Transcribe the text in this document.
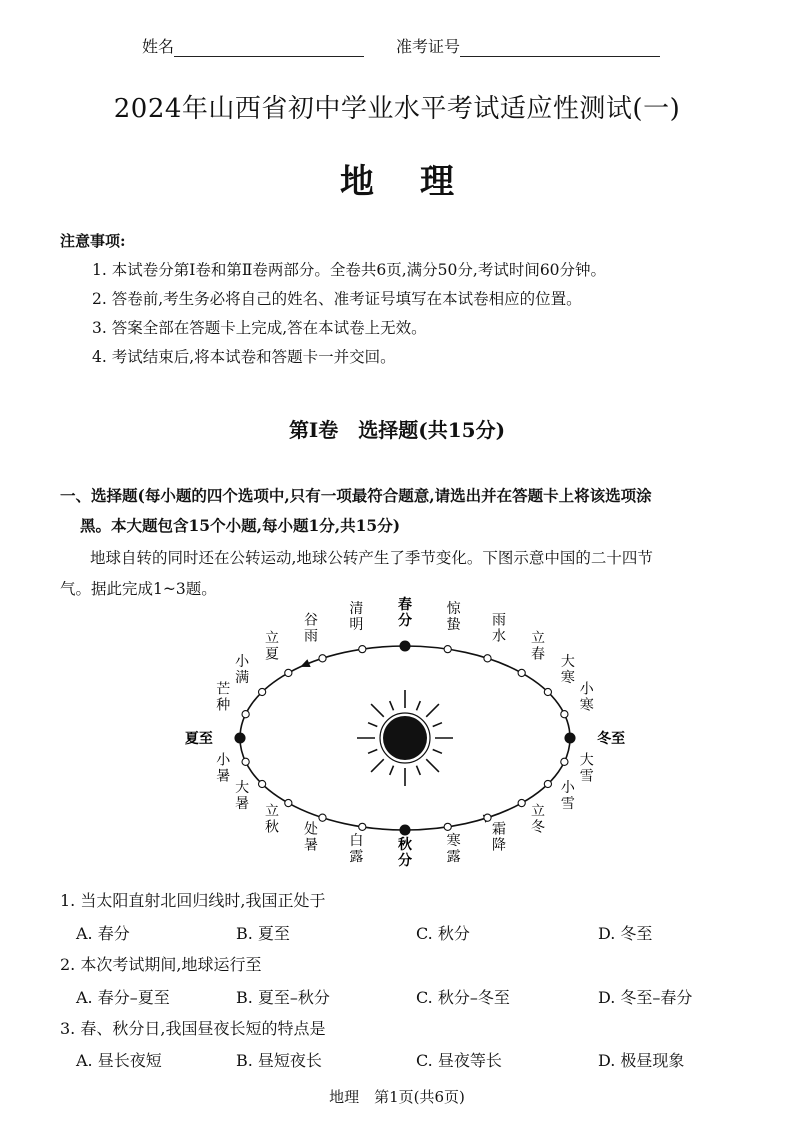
姓名	准考证号
2024年山西省初中学业水平考试适应性测试(一)
地理
注意事项:
1. 本试卷分第Ⅰ卷和第Ⅱ卷两部分。全卷共6页,满分50分,考试时间60分钟。
2. 答卷前,考生务必将自己的姓名、准考证号填写在本试卷相应的位置。
3. 答案全部在答题卡上完成,答在本试卷上无效。
4. 考试结束后,将本试卷和答题卡一并交回。
第Ⅰ卷　选择题(共15分)
一、选择题(每小题的四个选项中,只有一项最符合题意,请选出并在答题卡上将该选项涂
黑。本大题包含15个小题,每小题1分,共15分)
地球自转的同时还在公转运动,地球公转产生了季节变化。下图示意中国的二十四节
气。据此完成1~3题。
春
分
惊
蛰 雨
水 立
春 大
寒
小
寒
冬至
大
雪
小
雪
立
冬
霜
降
寒
露
秋
分
白
露
处
暑
立
秋
大
暑
小
暑
夏至
芒
种
小
满
立
夏
谷
雨
清
明
1. 当太阳直射北回归线时,我国正处于
A. 春分	B. 夏至	C. 秋分	D. 冬至
2. 本次考试期间,地球运行至
A. 春分–夏至	B. 夏至–秋分	C. 秋分–冬至	D. 冬至–春分
3. 春、秋分日,我国昼夜长短的特点是
A. 昼长夜短	B. 昼短夜长	C. 昼夜等长	D. 极昼现象
地理　第1页(共6页)
